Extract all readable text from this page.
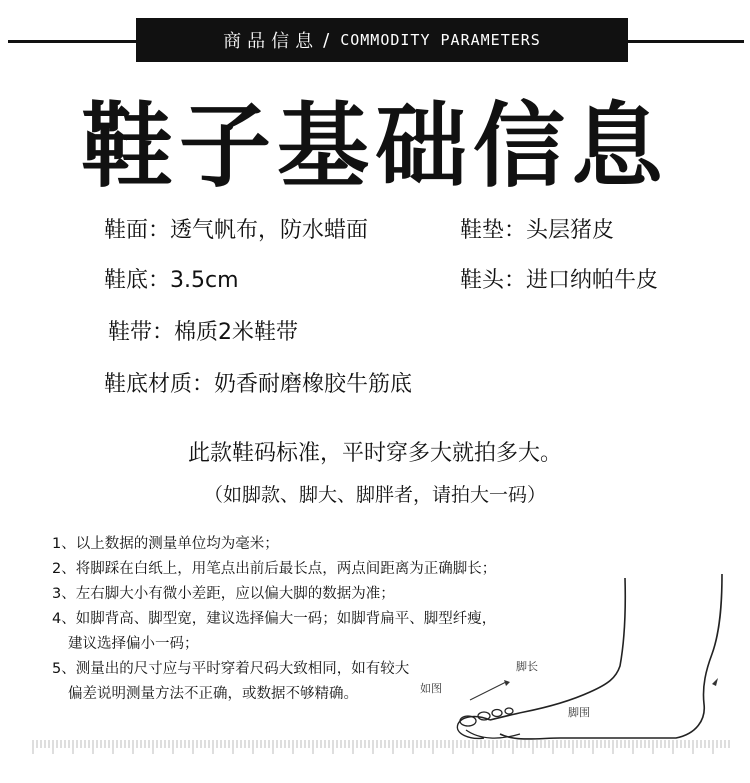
商品信息 / COMMODITY PARAMETERS
鞋子基础信息
鞋面：透气帆布，防水蜡面	鞋垫：头层猪皮
鞋底：3.5cm	鞋头：进口纳帕牛皮
鞋带：棉质2米鞋带
鞋底材质：奶香耐磨橡胶牛筋底
此款鞋码标准，平时穿多大就拍多大。
（如脚款、脚大、脚胖者，请拍大一码）
1、以上数据的测量单位均为毫米；
2、将脚踩在白纸上，用笔点出前后最长点，两点间距离为正确脚长；
3、左右脚大小有微小差距，应以偏大脚的数据为准；
4、如脚背高、脚型宽，建议选择偏大一码；如脚背扁平、脚型纤瘦，
建议选择偏小一码；
5、测量出的尺寸应与平时穿着尺码大致相同，如有较大
偏差说明测量方法不正确，或数据不够精确。
脚长
脚围
如图
